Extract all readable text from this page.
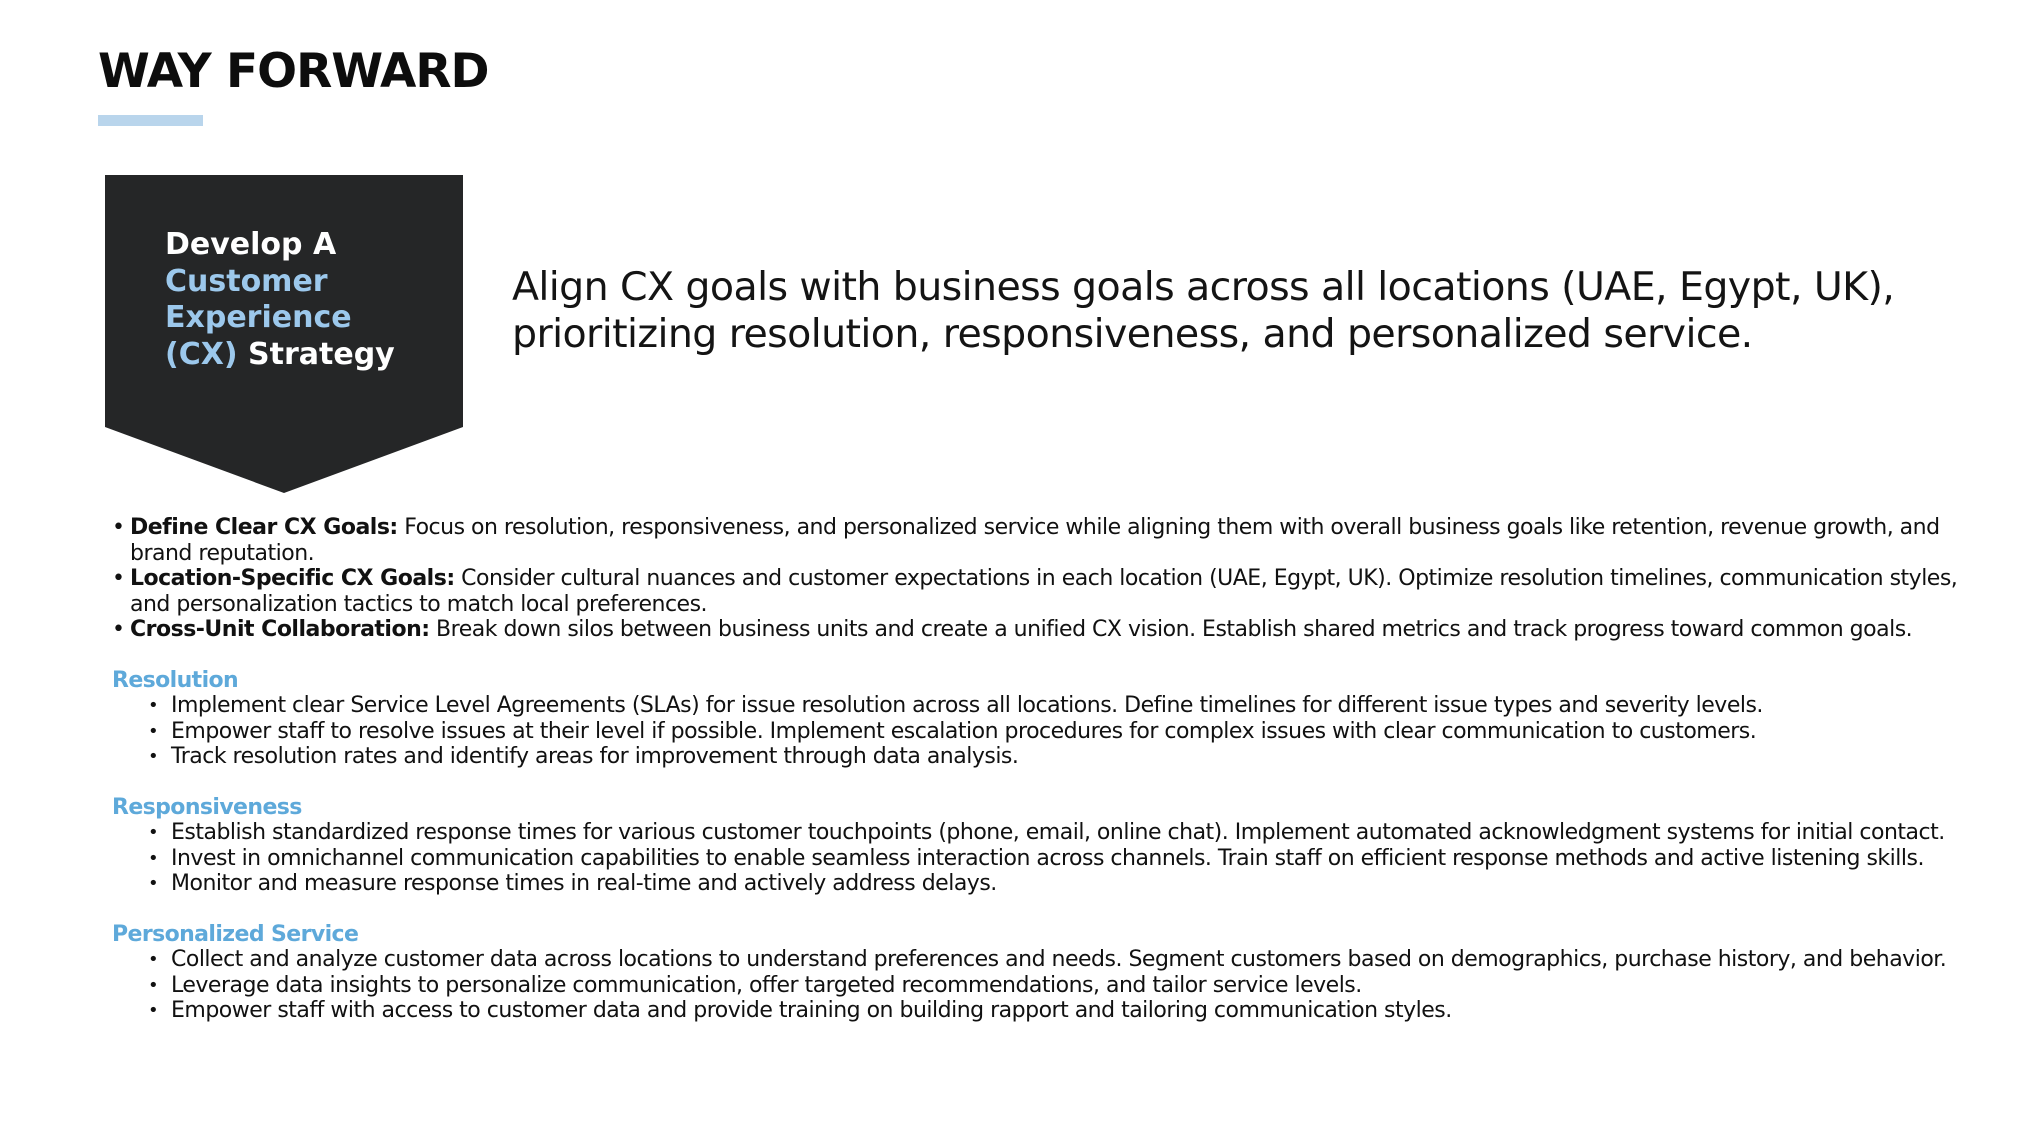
WAY FORWARD
Develop A
Customer
Experience
(CX) Strategy

Align CX goals with business goals across all locations (UAE, Egypt, UK), prioritizing resolution, responsiveness, and personalized service.

• Define Clear CX Goals: Focus on resolution, responsiveness, and personalized service while aligning them with overall business goals like retention, revenue growth, and brand reputation.
• Location-Specific CX Goals: Consider cultural nuances and customer expectations in each location (UAE, Egypt, UK). Optimize resolution timelines, communication styles, and personalization tactics to match local preferences.
• Cross-Unit Collaboration: Break down silos between business units and create a unified CX vision. Establish shared metrics and track progress toward common goals.
Resolution
• Implement clear Service Level Agreements (SLAs) for issue resolution across all locations. Define timelines for different issue types and severity levels.
• Empower staff to resolve issues at their level if possible. Implement escalation procedures for complex issues with clear communication to customers.
• Track resolution rates and identify areas for improvement through data analysis.
Responsiveness
• Establish standardized response times for various customer touchpoints (phone, email, online chat). Implement automated acknowledgment systems for initial contact.
• Invest in omnichannel communication capabilities to enable seamless interaction across channels. Train staff on efficient response methods and active listening skills.
• Monitor and measure response times in real-time and actively address delays.
Personalized Service
• Collect and analyze customer data across locations to understand preferences and needs. Segment customers based on demographics, purchase history, and behavior.
• Leverage data insights to personalize communication, offer targeted recommendations, and tailor service levels.
• Empower staff with access to customer data and provide training on building rapport and tailoring communication styles.
